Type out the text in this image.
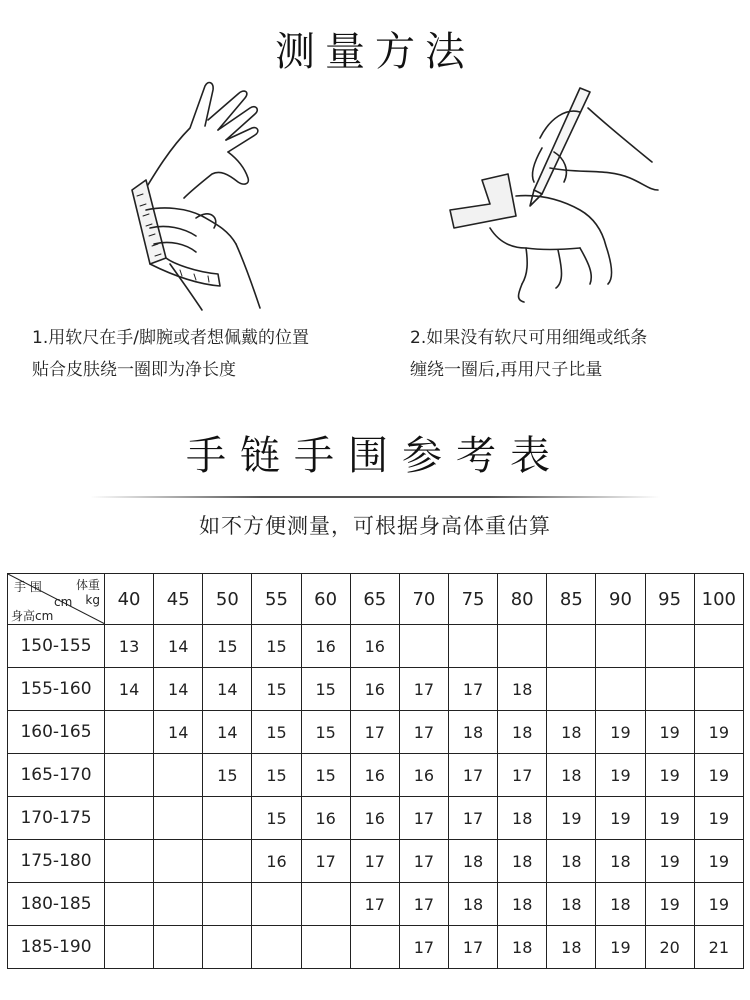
测量方法
1.用软尺在手/脚腕或者想佩戴的位置
贴合皮肤绕一圈即为净长度
2.如果没有软尺可用细绳或纸条
缠绕一圈后,再用尺子比量
手链手围参考表
如不方便测量，可根据身高体重估算
手 围 体重
kg
cm
身高cm	40	45	50	55	60	65	70	75	80	85	90	95	100
150-155	13	14	15	15	16	16							
155-160	14	14	14	15	15	16	17	17	18				
160-165		14	14	15	15	17	17	18	18	18	19	19	19
165-170			15	15	15	16	16	17	17	18	19	19	19
170-175				15	16	16	17	17	18	19	19	19	19
175-180				16	17	17	17	18	18	18	18	19	19
180-185						17	17	18	18	18	18	19	19
185-190							17	17	18	18	19	20	21
